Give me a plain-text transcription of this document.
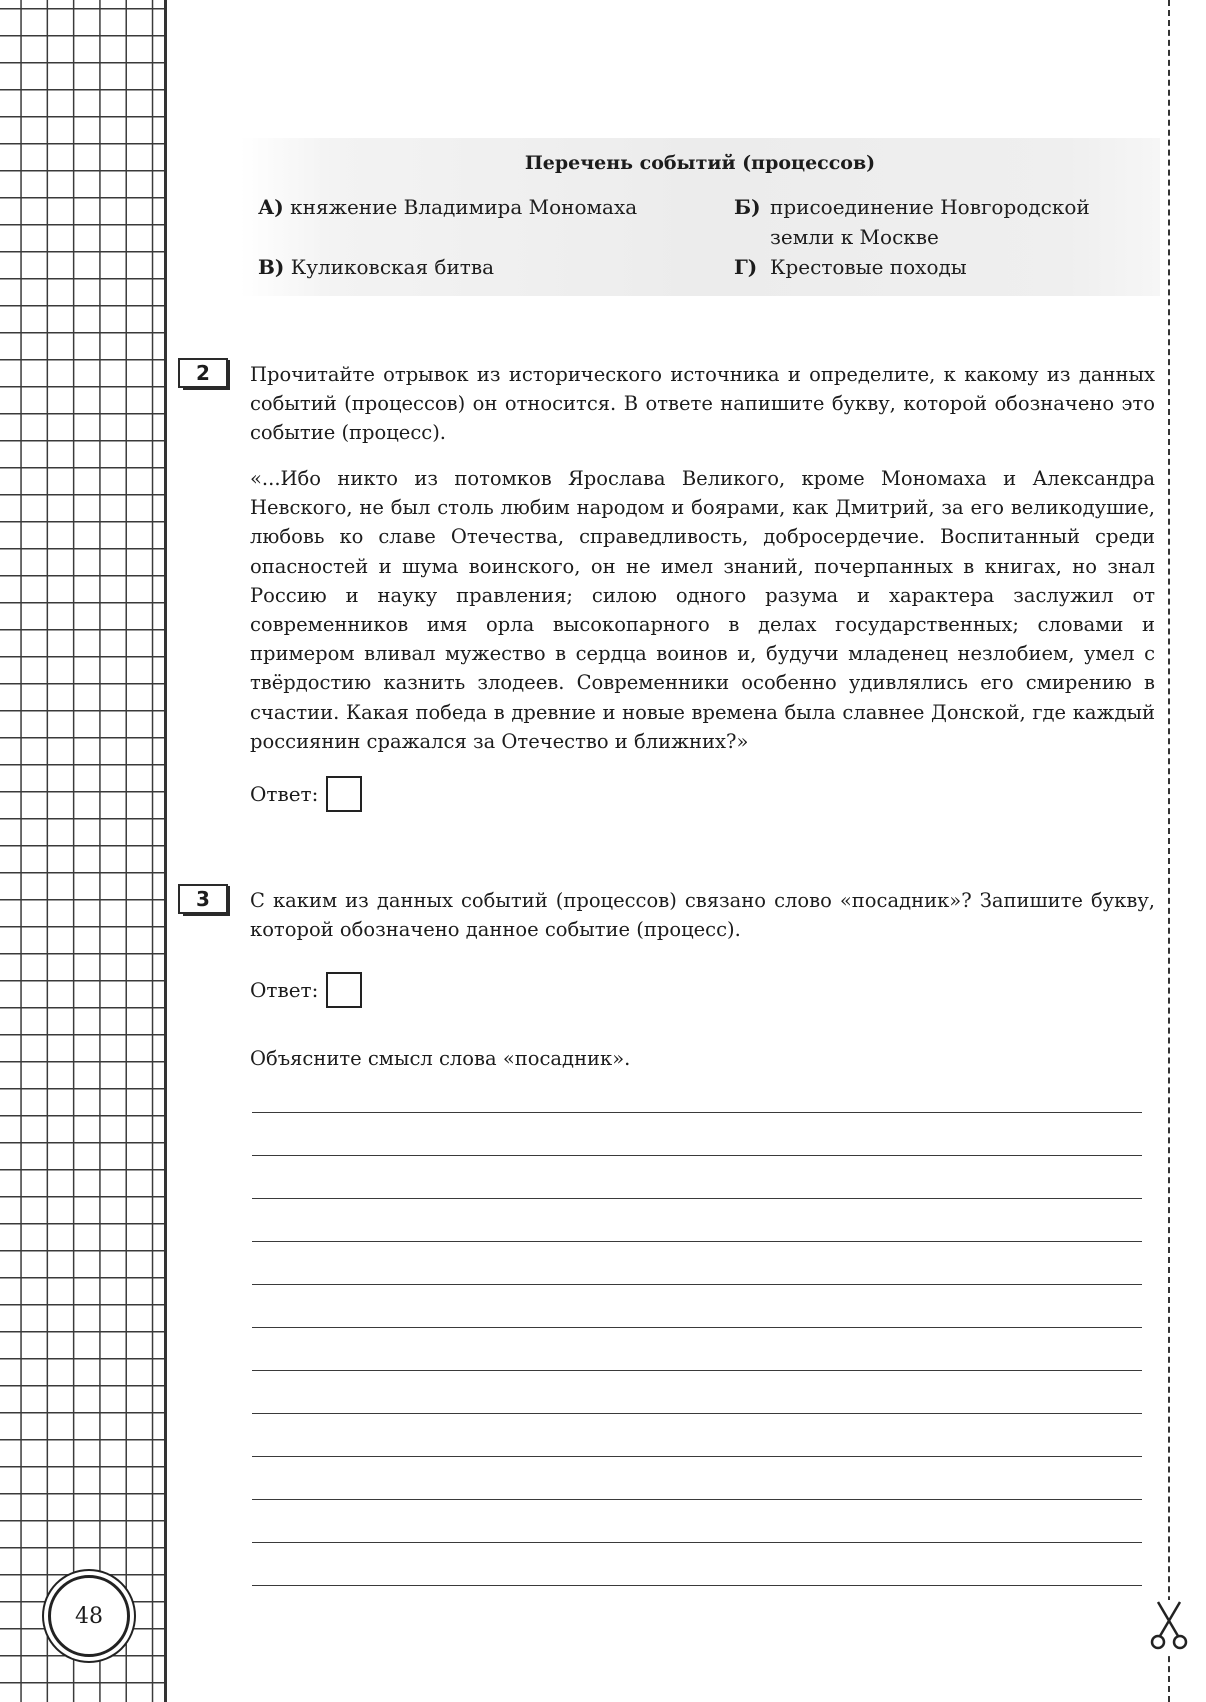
48
Перечень событий (процессов)
А) княжение Владимира Мономаха	Б) присоединение Новгородской земли к Москве
В) Куликовская битва	Г) Крестовые походы
2	Прочитайте отрывок из исторического источника и определите, к какому из данных событий (процессов) он относится. В ответе напишите букву, которой обозначено это событие (процесс).
«...Ибо никто из потомков Ярослава Великого, кроме Мономаха и Александра Невского, не был столь любим народом и боярами, как Дмитрий, за его великодушие, любовь ко славе Отечества, справедливость, добросердечие. Воспитанный среди опасностей и шума воинского, он не имел знаний, почерпанных в книгах, но знал Россию и науку правления; силою одного разума и характера заслужил от современников имя орла высокопарного в делах государственных; словами и примером вливал мужество в сердца воинов и, будучи младенец незлобием, умел с твёрдостию казнить злодеев. Современники особенно удивлялись его смирению в счастии. Какая победа в древние и новые времена была славнее Донской, где каждый россиянин сражался за Отечество и ближних?»
Ответ:
3	С каким из данных событий (процессов) связано слово «посадник»? Запишите букву, которой обозначено данное событие (процесс).
Ответ:
Объясните смысл слова «посадник».
